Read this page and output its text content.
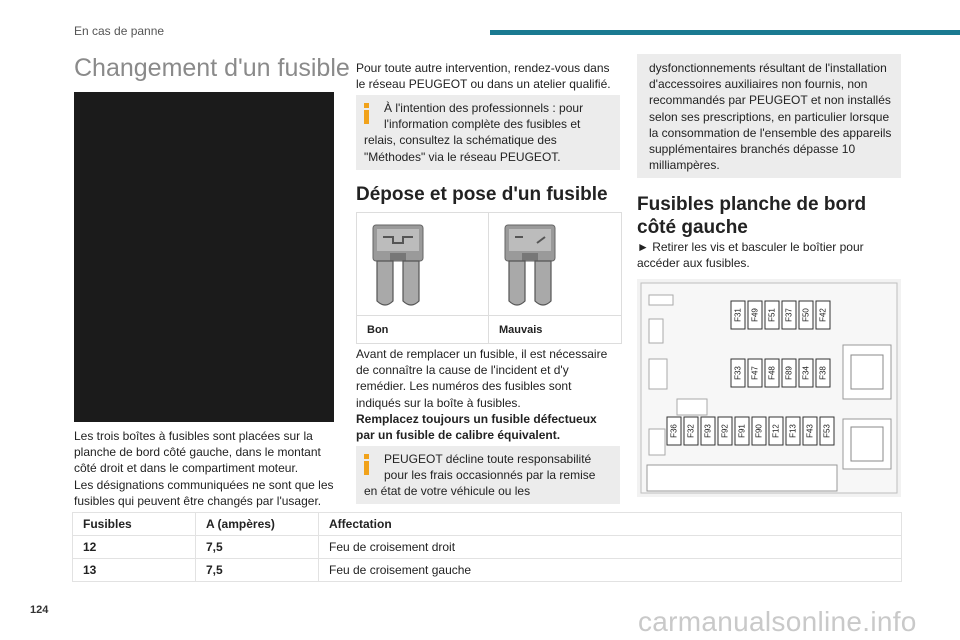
En cas de panne
Changement d'un fusible
Les trois boîtes à fusibles sont placées sur la
planche de bord côté gauche, dans le montant
côté droit et dans le compartiment moteur.
Les désignations communiquées ne sont que les
fusibles qui peuvent être changés par l'usager.
Pour toute autre intervention, rendez-vous dans
le réseau PEUGEOT ou dans un atelier qualifié.
À l'intention des professionnels : pour
l'information complète des fusibles et
relais, consultez la schématique des
"Méthodes" via le réseau PEUGEOT.
Dépose et pose d'un fusible
Bon	Mauvais
Avant de remplacer un fusible, il est nécessaire
de connaître la cause de l'incident et d'y
remédier. Les numéros des fusibles sont
indiqués sur la boîte à fusibles.
Remplacez toujours un fusible défectueux
par un fusible de calibre équivalent.
PEUGEOT décline toute responsabilité
pour les frais occasionnés par la remise
en état de votre véhicule ou les
dysfonctionnements résultant de l'installation
d'accessoires auxiliaires non fournis, non
recommandés par PEUGEOT et non installés
selon ses prescriptions, en particulier lorsque
la consommation de l'ensemble des appareils
supplémentaires branchés dépasse 10
milliampères.
Fusibles planche de bord
côté gauche
► Retirer les vis et basculer le boîtier pour
accéder aux fusibles.
F31 F49 F51 F37 F50 F42
F33 F47 F48 F89 F34 F38
F36 F32 F93 F92 F91 F90 F12 F13 F43 F53
Fusibles	A (ampères)	Affectation
12	7,5	Feu de croisement droit
13	7,5	Feu de croisement gauche
124	carmanualsonline.info
